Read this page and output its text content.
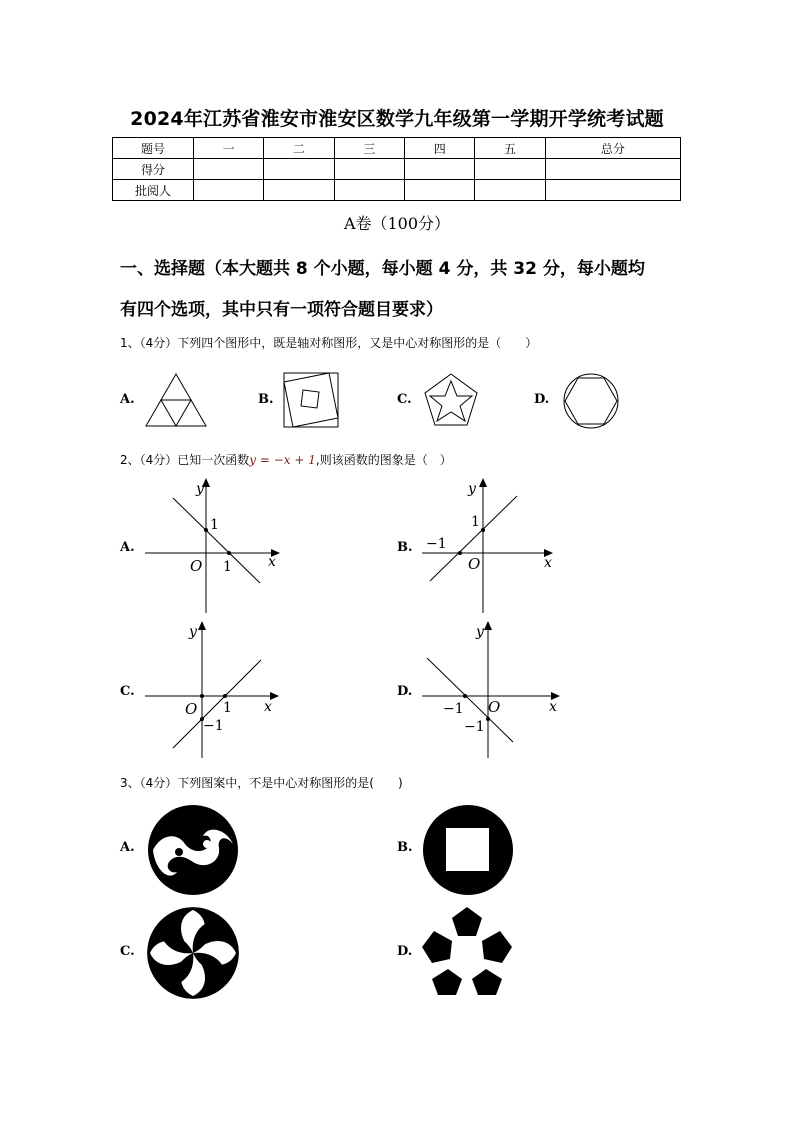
2024年江苏省淮安市淮安区数学九年级第一学期开学统考试题
题号	一	二	三	四	五	总分
得分						
批阅人						
A卷（100分）
一、选择题（本大题共 8 个小题，每小题 4 分，共 32 分，每小题均
有四个选项，其中只有一项符合题目要求）
1、（4分）下列四个图形中，既是轴对称图形，又是中心对称图形的是（　　）
A.	B.	C.	D.
2、（4分）已知一次函数y = −x + 1,则该函数的图象是（　）
A.
y
x
O
1
1
B.
y
x
O
1
−1
C.
y
x
O 1
−1
D.
y
x
O
−1
−1
3、（4分）下列图案中，不是中心对称图形的是(　　)
A.	B.
C.	D.
